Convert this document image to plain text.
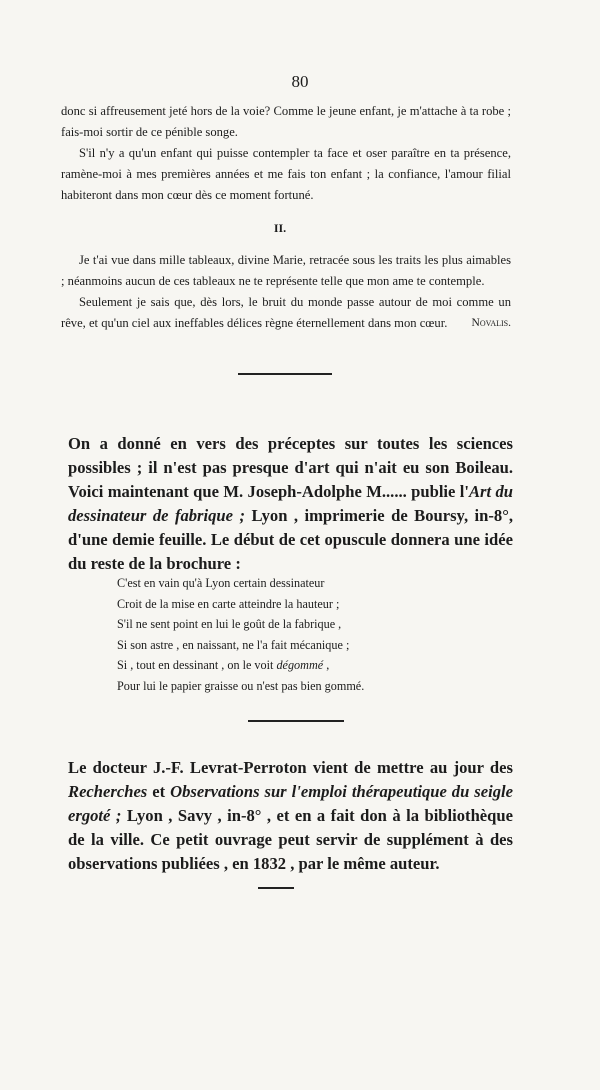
80

donc si affreusement jeté hors de la voie? Comme le jeune enfant, je m'attache à ta robe ; fais-moi sortir de ce pénible songe.

S'il n'y a qu'un enfant qui puisse contempler ta face et oser paraître en ta présence, ramène-moi à mes premières années et me fais ton enfant ; la confiance, l'amour filial habiteront dans mon cœur dès ce moment fortuné.

II.

Je t'ai vue dans mille tableaux, divine Marie, retracée sous les traits les plus aimables ; néanmoins aucun de ces tableaux ne te représente telle que mon ame te contemple.

Seulement je sais que, dès lors, le bruit du monde passe autour de moi comme un rêve, et qu'un ciel aux ineffables délices règne éternellement dans mon cœur.	Novalis.

On a donné en vers des préceptes sur toutes les sciences possibles ; il n'est pas presque d'art qui n'ait eu son Boileau. Voici maintenant que M. Joseph-Adolphe M...... publie l'Art du dessinateur de fabrique ; Lyon , imprimerie de Boursy, in-8°, d'une demie feuille. Le début de cet opuscule donnera une idée du reste de la brochure :

C'est en vain qu'à Lyon certain dessinateur
Croit de la mise en carte atteindre la hauteur ;
S'il ne sent point en lui le goût de la fabrique ,
Si son astre , en naissant, ne l'a fait mécanique ;
Si , tout en dessinant , on le voit dégommé ,
Pour lui le papier graisse ou n'est pas bien gommé.

Le docteur J.-F. Levrat-Perroton vient de mettre au jour des Recherches et Observations sur l'emploi thérapeutique du seigle ergoté ; Lyon , Savy , in-8° , et en a fait don à la bibliothèque de la ville. Ce petit ouvrage peut servir de supplément à des observations publiées , en 1832 , par le même auteur.
